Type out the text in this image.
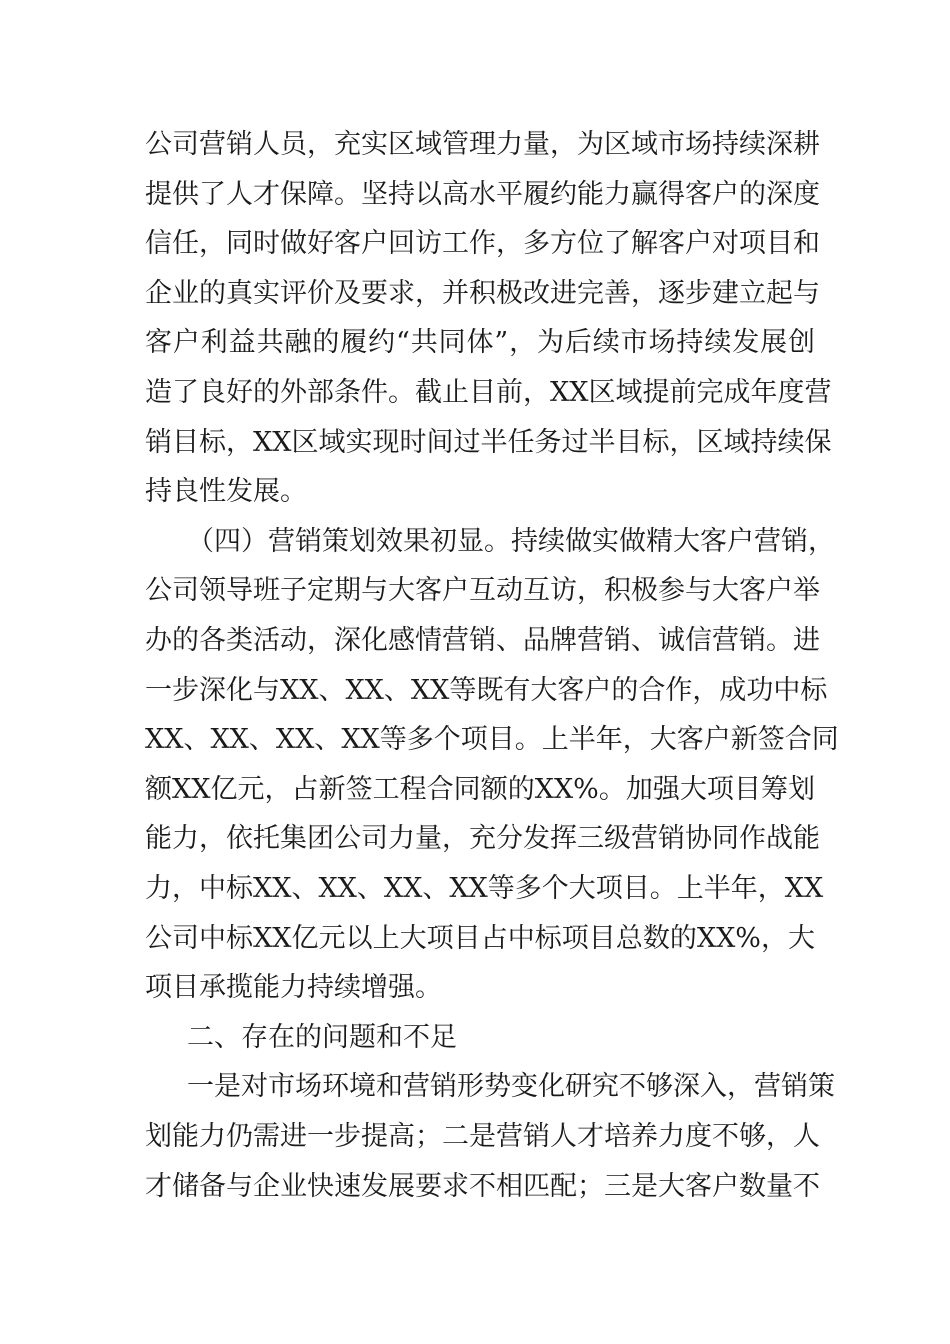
公司营销人员，充实区域管理力量，为区域市场持续深耕
提供了人才保障。坚持以高水平履约能力赢得客户的深度
信任，同时做好客户回访工作，多方位了解客户对项目和
企业的真实评价及要求，并积极改进完善，逐步建立起与
客户利益共融的履约“共同体”，为后续市场持续发展创
造了良好的外部条件。截止目前，XX区域提前完成年度营
销目标，XX区域实现时间过半任务过半目标，区域持续保
持良性发展。
（四）营销策划效果初显。持续做实做精大客户营销，
公司领导班子定期与大客户互动互访，积极参与大客户举
办的各类活动，深化感情营销、品牌营销、诚信营销。进
一步深化与XX、XX、XX等既有大客户的合作，成功中标
XX、XX、XX、XX等多个项目。上半年，大客户新签合同
额XX亿元，占新签工程合同额的XX%。加强大项目筹划
能力，依托集团公司力量，充分发挥三级营销协同作战能
力，中标XX、XX、XX、XX等多个大项目。上半年，XX
公司中标XX亿元以上大项目占中标项目总数的XX%，大
项目承揽能力持续增强。
二、存在的问题和不足
一是对市场环境和营销形势变化研究不够深入，营销策
划能力仍需进一步提高；二是营销人才培养力度不够，人
才储备与企业快速发展要求不相匹配；三是大客户数量不
